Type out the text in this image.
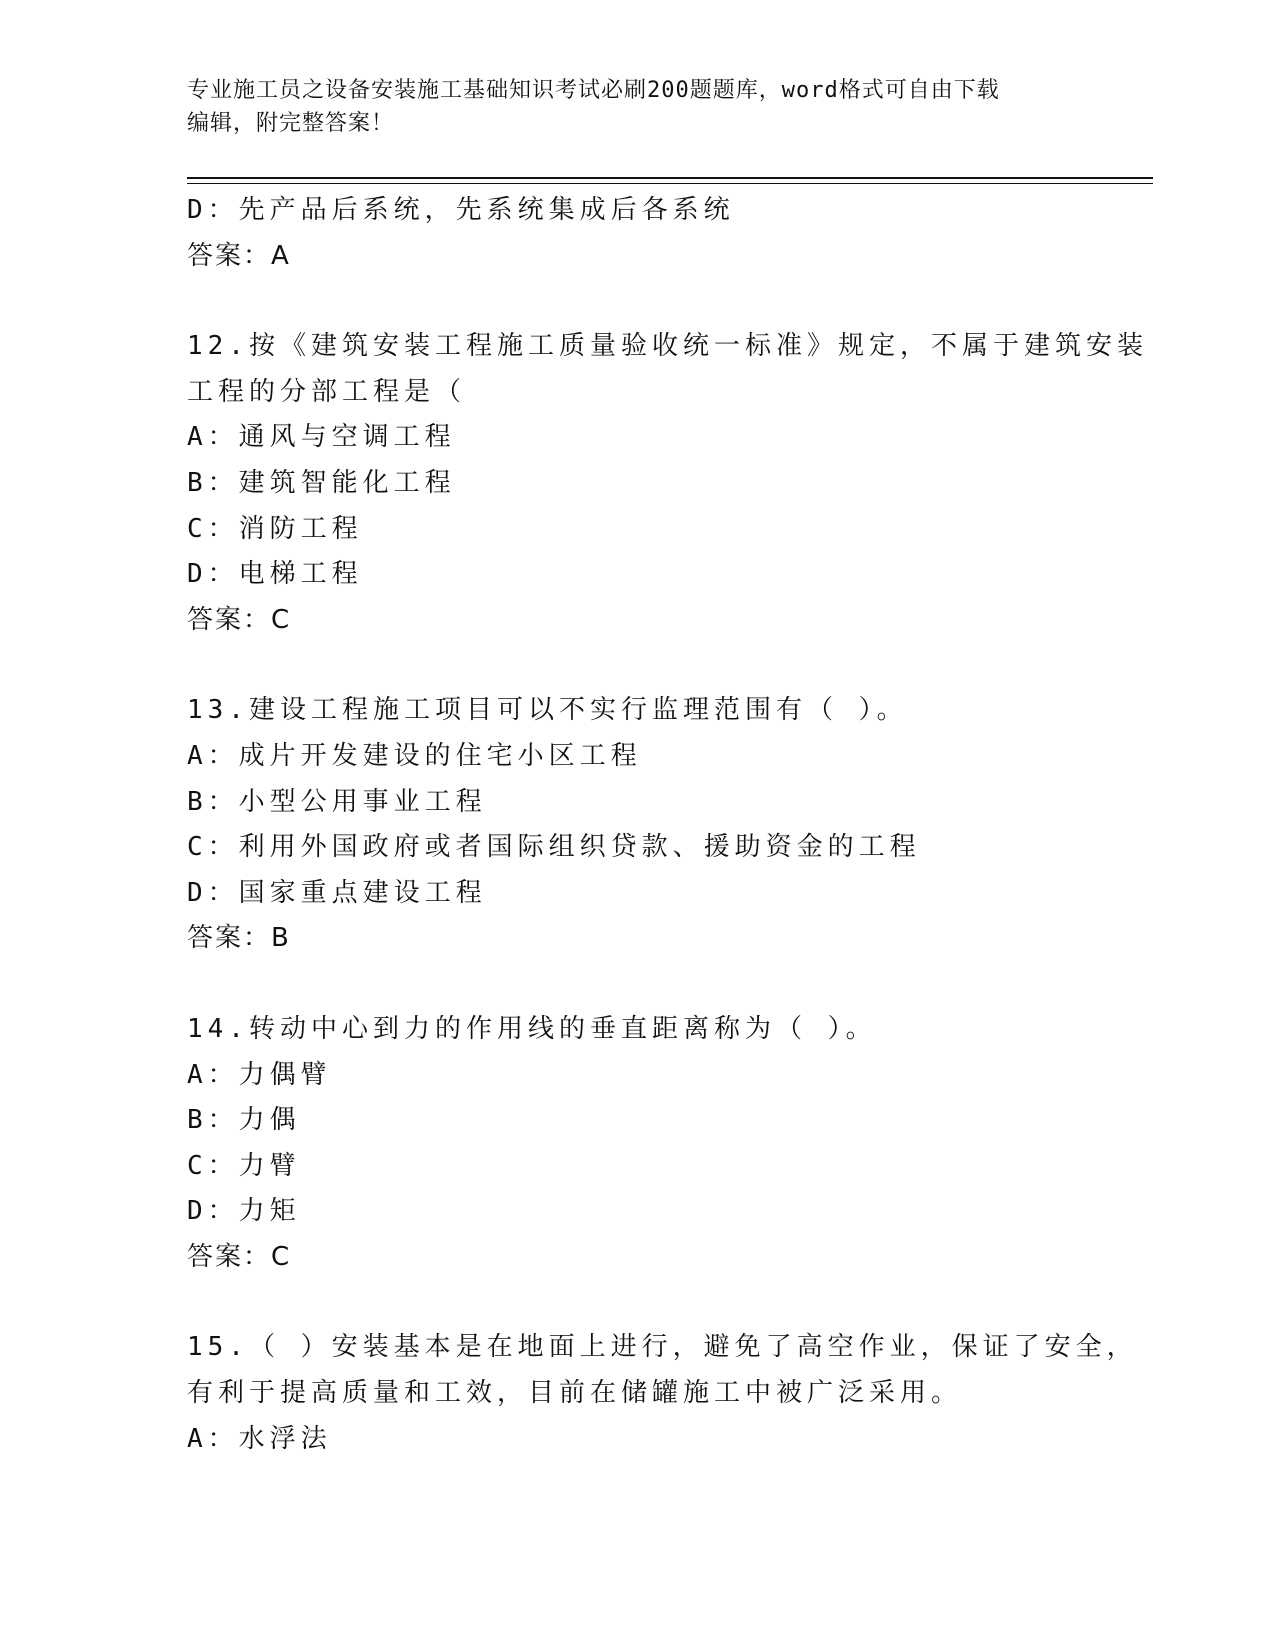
专业施工员之设备安装施工基础知识考试必刷200题题库，word格式可自由下载
编辑，附完整答案！
D：先产品后系统，先系统集成后各系统
答案：A
12.按《建筑安装工程施工质量验收统一标准》规定，不属于建筑安装
工程的分部工程是（
A：通风与空调工程
B：建筑智能化工程
C：消防工程
D：电梯工程
答案：C
13.建设工程施工项目可以不实行监理范围有（ ）。
A：成片开发建设的住宅小区工程
B：小型公用事业工程
C：利用外国政府或者国际组织贷款、援助资金的工程
D：国家重点建设工程
答案：B
14.转动中心到力的作用线的垂直距离称为（ ）。
A：力偶臂
B：力偶
C：力臂
D：力矩
答案：C
15.（ ）安装基本是在地面上进行，避免了高空作业，保证了安全，
有利于提高质量和工效，目前在储罐施工中被广泛采用。
A：水浮法
